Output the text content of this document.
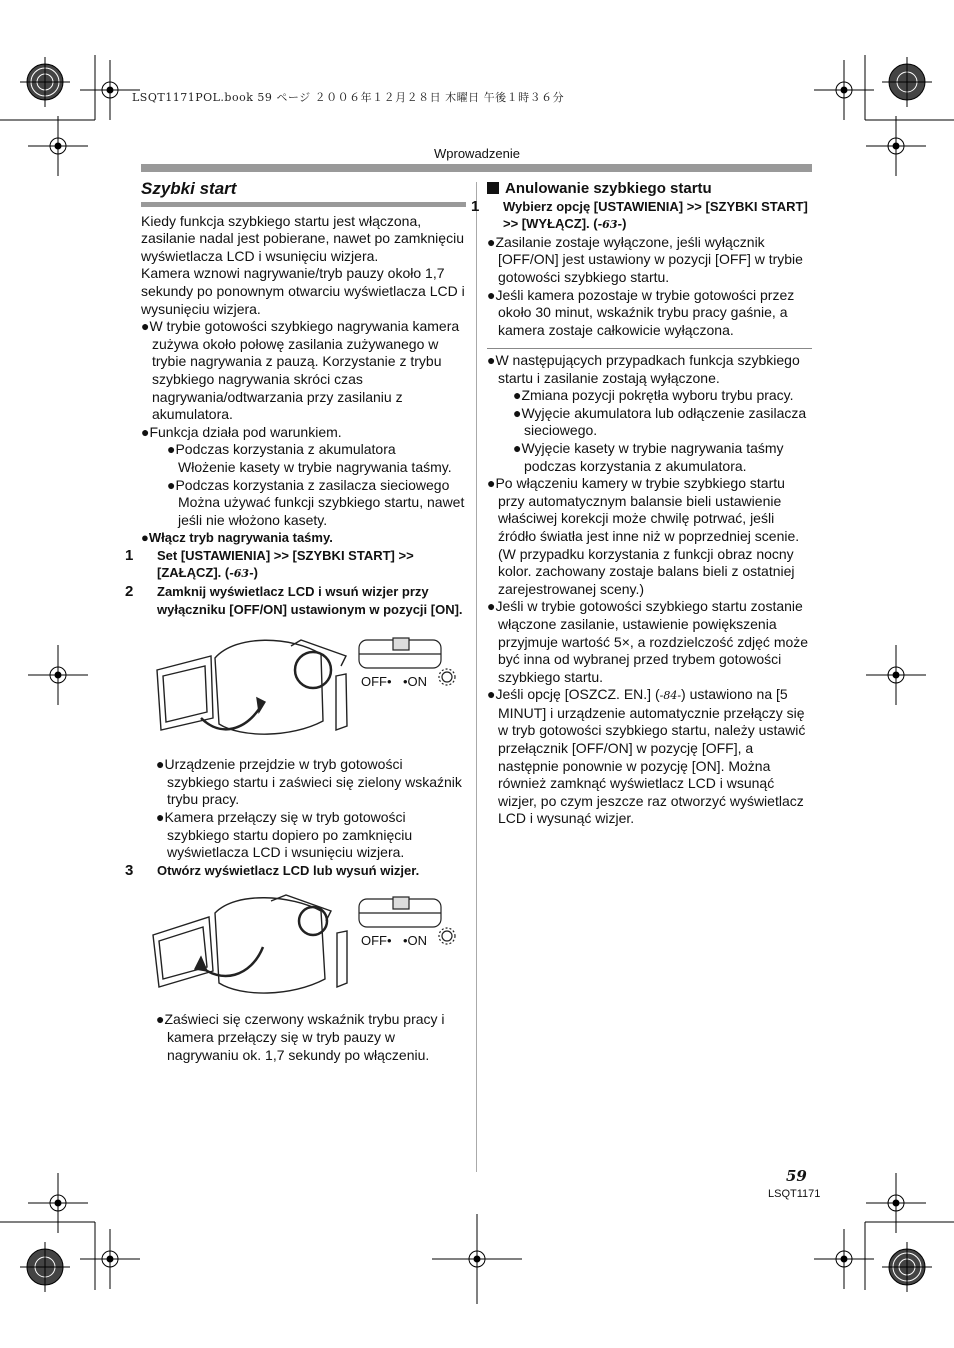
LSQT1171POL.book 59 ページ ２００６年１２月２８日 木曜日 午後１時３６分
Wprowadzenie
Szybki start

Kiedy funkcja szybkiego startu jest włączona, zasilanie nadal jest pobierane, nawet po zamknięciu wyświetlacza LCD i wsunięciu wizjera.

Kamera wznowi nagrywanie/tryb pauzy około 1,7 sekundy po ponownym otwarciu wyświetlacza LCD i wysunięciu wizjera.

●W trybie gotowości szybkiego nagrywania kamera zużywa około połowę zasilania zużywanego w trybie nagrywania z pauzą. Korzystanie z trybu szybkiego nagrywania skróci czas nagrywania/odtwarzania przy zasilaniu z akumulatora.

●Funkcja działa pod warunkiem.

●Podczas korzystania z akumulatora

Włożenie kasety w trybie nagrywania taśmy.

●Podczas korzystania z zasilacza sieciowego

Można używać funkcji szybkiego startu, nawet jeśli nie włożono kasety.

●Włącz tryb nagrywania taśmy.

1 Set [USTAWIENIA] >> [SZYBKI START] >> [ZAŁĄCZ]. (-63-)

2 Zamknij wyświetlacz LCD i wsuń wizjer przy wyłączniku [OFF/ON] ustawionym w pozycji [ON].

OFF• •ON

●Urządzenie przejdzie w tryb gotowości szybkiego startu i zaświeci się zielony wskaźnik trybu pracy.

●Kamera przełączy się w tryb gotowości szybkiego startu dopiero po zamknięciu wyświetlacza LCD i wsunięciu wizjera.

3 Otwórz wyświetlacz LCD lub wysuń wizjer.

OFF• •ON

●Zaświeci się czerwony wskaźnik trybu pracy i kamera przełączy się w tryb pauzy w nagrywaniu ok. 1,7 sekundy po włączeniu.

Anulowanie szybkiego startu

1 Wybierz opcję [USTAWIENIA] >> [SZYBKI START] >> [WYŁĄCZ]. (-63-)

●Zasilanie zostaje wyłączone, jeśli wyłącznik [OFF/ON] jest ustawiony w pozycji [OFF] w trybie gotowości szybkiego startu.

●Jeśli kamera pozostaje w trybie gotowości przez około 30 minut, wskaźnik trybu pracy gaśnie, a kamera zostaje całkowicie wyłączona.

●W następujących przypadkach funkcja szybkiego startu i zasilanie zostają wyłączone.

●Zmiana pozycji pokrętła wyboru trybu pracy.

●Wyjęcie akumulatora lub odłączenie zasilacza sieciowego.

●Wyjęcie kasety w trybie nagrywania taśmy podczas korzystania z akumulatora.

●Po włączeniu kamery w trybie szybkiego startu przy automatycznym balansie bieli ustawienie właściwej korekcji może chwilę potrwać, jeśli źródło światła jest inne niż w poprzedniej scenie. (W przypadku korzystania z funkcji obraz nocny kolor. zachowany zostaje balans bieli z ostatniej zarejestrowanej sceny.)

●Jeśli w trybie gotowości szybkiego startu zostanie włączone zasilanie, ustawienie powiększenia przyjmuje wartość 5×, a rozdzielczość zdjęć może być inna od wybranej przed trybem gotowości szybkiego startu.

●Jeśli opcję [OSZCZ. EN.] (-84-) ustawiono na [5 MINUT] i urządzenie automatycznie przełączy się w tryb gotowości szybkiego startu, należy ustawić przełącznik [OFF/ON] w pozycję [OFF], a następnie ponownie w pozycję [ON]. Można również zamknąć wyświetlacz LCD i wsunąć wizjer, po czym jeszcze raz otworzyć wyświetlacz LCD i wysunąć wizjer.

59
LSQT1171
